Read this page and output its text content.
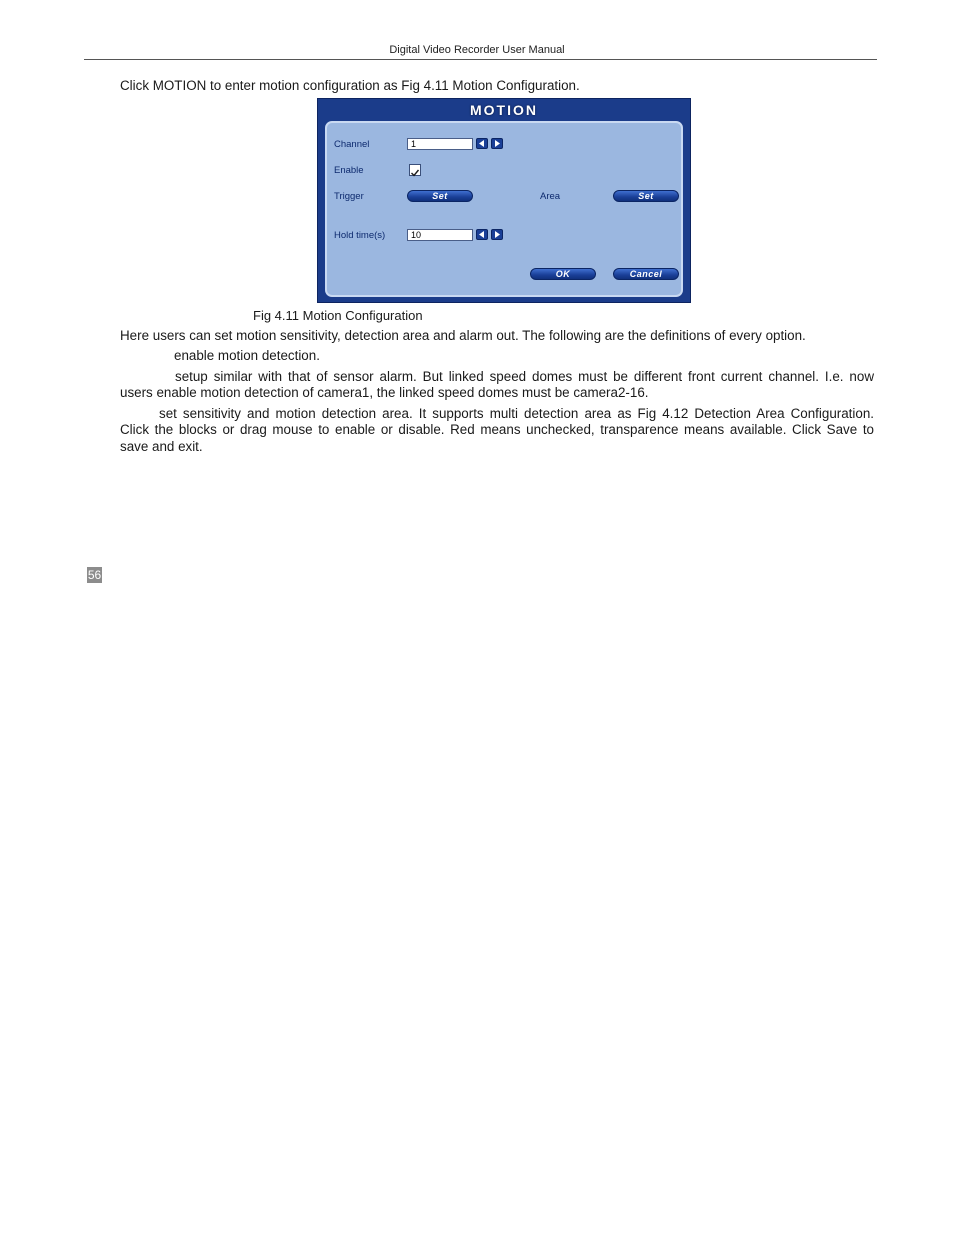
Digital Video Recorder User Manual
Click MOTION to enter motion configuration as Fig 4.11 Motion Configuration.
MOTION
Channel	1
Enable
Trigger	Set	Area	Set
Hold time(s)	10
OK	Cancel
Fig 4.11 Motion Configuration
Here users can set motion sensitivity, detection area and alarm out. The following are the definitions of every option.
enable motion detection.
setup similar with that of sensor alarm. But linked speed domes must be different front current channel. I.e. now
users enable motion detection of camera1, the linked speed domes must be camera2-16.
set sensitivity and motion detection area. It supports multi detection area as Fig 4.12 Detection Area Configuration.
Click the blocks or drag mouse to enable or disable. Red means unchecked, transparence means available. Click Save to
save and exit.
56
